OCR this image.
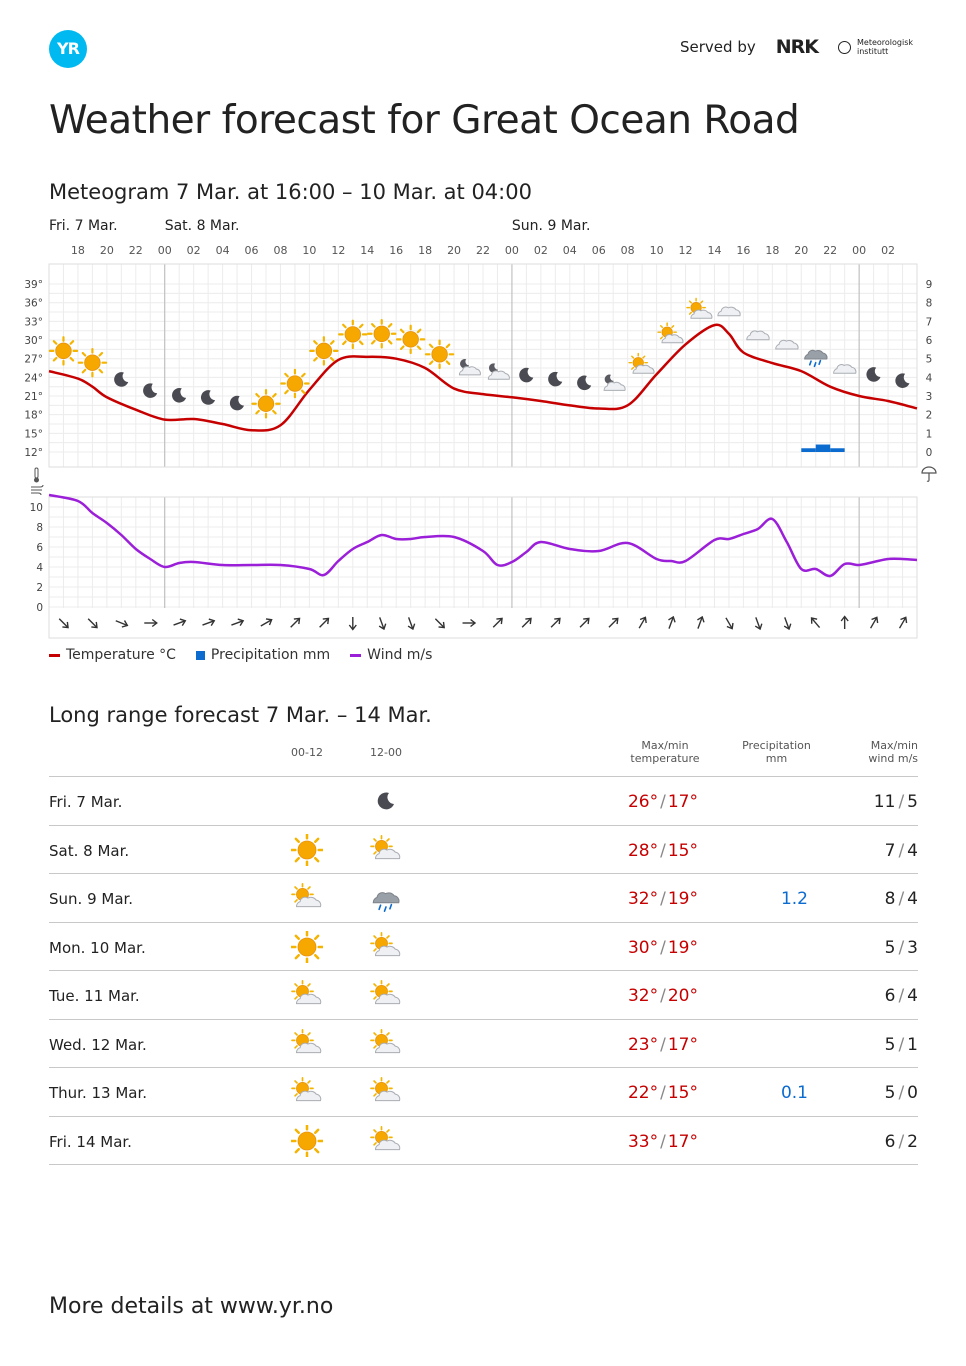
YR	Served by NRK	Meteorologisk institutt
Weather forecast for Great Ocean Road
Meteogram 7 Mar. at 16:00 – 10 Mar. at 04:00
Fri. 7 Mar.	Sat. 8 Mar.	Sun. 9 Mar.
18 20 22 00 02 04 06 08 10 12 14 16 18 20 22 00 02 04 06 08 10 12 14 16 18 20 22 00 02
12°
15°
18°
21°
24°
27°
30°
33°
36°
39°
0
1
2
3
4
5
6
7
8
9
0
2
4
6
8
10
Temperature °C	Precipitation mm	Wind m/s
Long range forecast 7 Mar. – 14 Mar.
00-12	12-00
Max/min temperature
Precipitation mm
Max/min wind m/s
Fri. 7 Mar.	26° / 17°	11 / 5
Sat. 8 Mar.	28° / 15°	7 / 4
Sun. 9 Mar.	32° / 19°	1.2	8 / 4
Mon. 10 Mar.	30° / 19°	5 / 3
Tue. 11 Mar.	32° / 20°	6 / 4
Wed. 12 Mar.	23° / 17°	5 / 1
Thur. 13 Mar.	22° / 15°	0.1	5 / 0
Fri. 14 Mar.	33° / 17°	6 / 2

More details at www.yr.no
